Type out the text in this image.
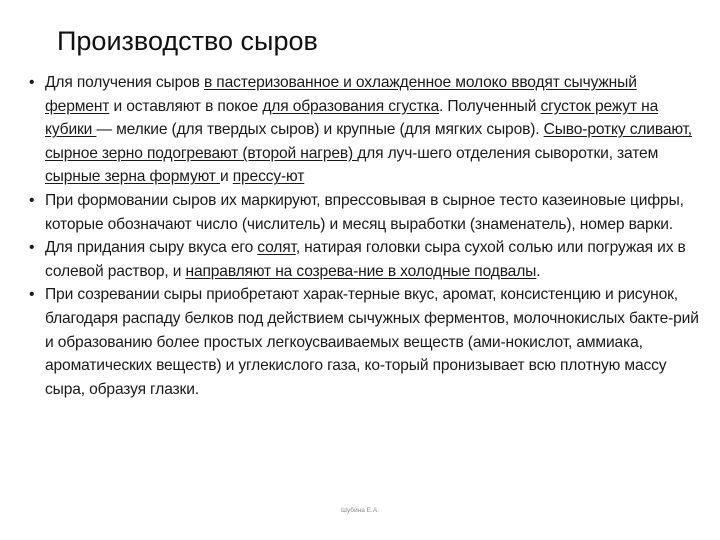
Производство сыров
• Для получения сыров в пастеризованное и охлажденное молоко вводят сычужный фермент и оставляют в покое для образования сгустка. Полученный сгусток режут на кубики — мелкие (для твердых сыров) и крупные (для мягких сыров). Сыво-ротку сливают, сырное зерно подогревают (второй нагрев) для луч-шего отделения сыворотки, затем сырные зерна формуют и прессу-ют
• При формовании сыров их маркируют, впрессовывая в сырное тесто казеиновые цифры, которые обозначают число (числитель) и месяц выработки (знаменатель), номер варки.
• Для придания сыру вкуса его солят, натирая головки сыра сухой солью или погружая их в солевой раствор, и направляют на созрева-ние в холодные подвалы.
• При созревании сыры приобретают харак-терные вкус, аромат, консистенцию и рисунок, благодаря распаду белков под действием сычужных ферментов, молочнокислых бакте-рий и образованию более простых легкоусваиваемых веществ (ами-нокислот, аммиака, ароматических веществ) и углекислого газа, ко-торый пронизывает всю плотную массу сыра, образуя глазки.
Шубина Е.А.
